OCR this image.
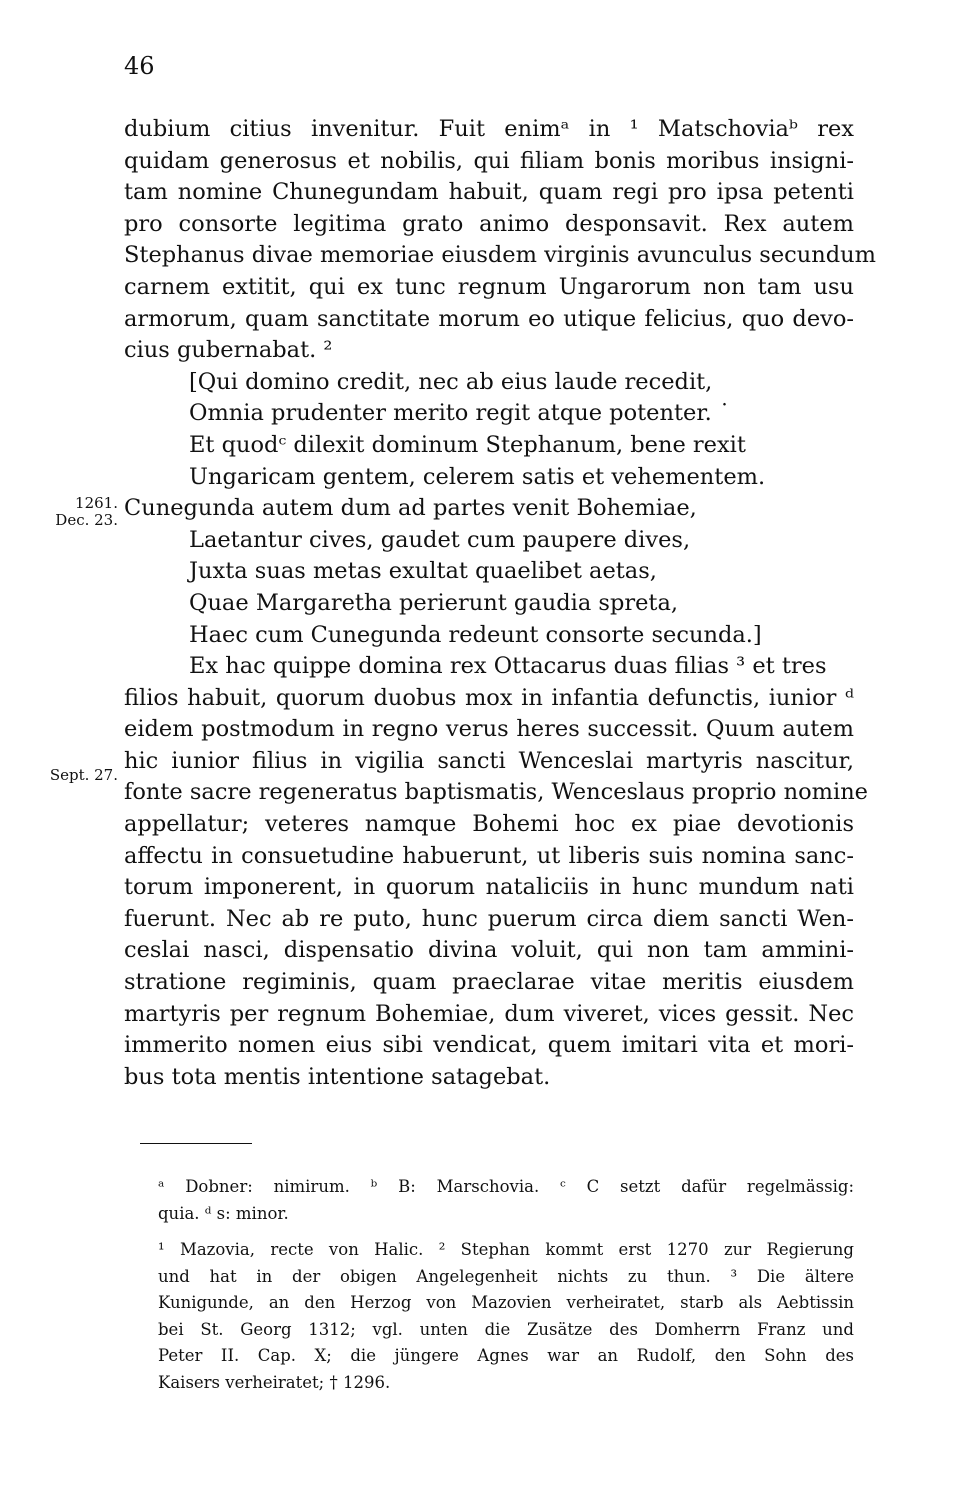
46
1261.
Dec. 23.
Sept. 27.
dubium citius invenitur. Fuit enimᵃ in ¹ Matschoviaᵇ rex
quidam generosus et nobilis, qui filiam bonis moribus insigni-
tam nomine Chunegundam habuit, quam regi pro ipsa petenti
pro consorte legitima grato animo desponsavit. Rex autem
Stephanus divae memoriae eiusdem virginis avunculus secundum
carnem extitit, qui ex tunc regnum Ungarorum non tam usu
armorum, quam sanctitate morum eo utique felicius, quo devo-
cius gubernabat. ²
[Qui domino credit, nec ab eius laude recedit,
Omnia prudenter merito regit atque potenter. ˙
Et quodᶜ dilexit dominum Stephanum, bene rexit
Ungaricam gentem, celerem satis et vehementem.
Cunegunda autem dum ad partes venit Bohemiae,
Laetantur cives, gaudet cum paupere dives,
Juxta suas metas exultat quaelibet aetas,
Quae Margaretha perierunt gaudia spreta,
Haec cum Cunegunda redeunt consorte secunda.]
Ex hac quippe domina rex Ottacarus duas filias ³ et tres
filios habuit, quorum duobus mox in infantia defunctis, iunior ᵈ
eidem postmodum in regno verus heres successit. Quum autem
hic iunior filius in vigilia sancti Wenceslai martyris nascitur,
fonte sacre regeneratus baptismatis, Wenceslaus proprio nomine
appellatur; veteres namque Bohemi hoc ex piae devotionis
affectu in consuetudine habuerunt, ut liberis suis nomina sanc-
torum imponerent, in quorum nataliciis in hunc mundum nati
fuerunt. Nec ab re puto, hunc puerum circa diem sancti Wen-
ceslai nasci, dispensatio divina voluit, qui non tam ammini-
stratione regiminis, quam praeclarae vitae meritis eiusdem
martyris per regnum Bohemiae, dum viveret, vices gessit. Nec
immerito nomen eius sibi vendicat, quem imitari vita et mori-
bus tota mentis intentione satagebat.
ᵃ Dobner: nimirum. ᵇ B: Marschovia. ᶜ C setzt dafür regelmässig:
quia. ᵈ s: minor.
¹ Mazovia, recte von Halic. ² Stephan kommt erst 1270 zur Regierung
und hat in der obigen Angelegenheit nichts zu thun. ³ Die ältere
Kunigunde, an den Herzog von Mazovien verheiratet, starb als Aebtissin
bei St. Georg 1312; vgl. unten die Zusätze des Domherrn Franz und
Peter II. Cap. X; die jüngere Agnes war an Rudolf, den Sohn des
Kaisers verheiratet; † 1296.
